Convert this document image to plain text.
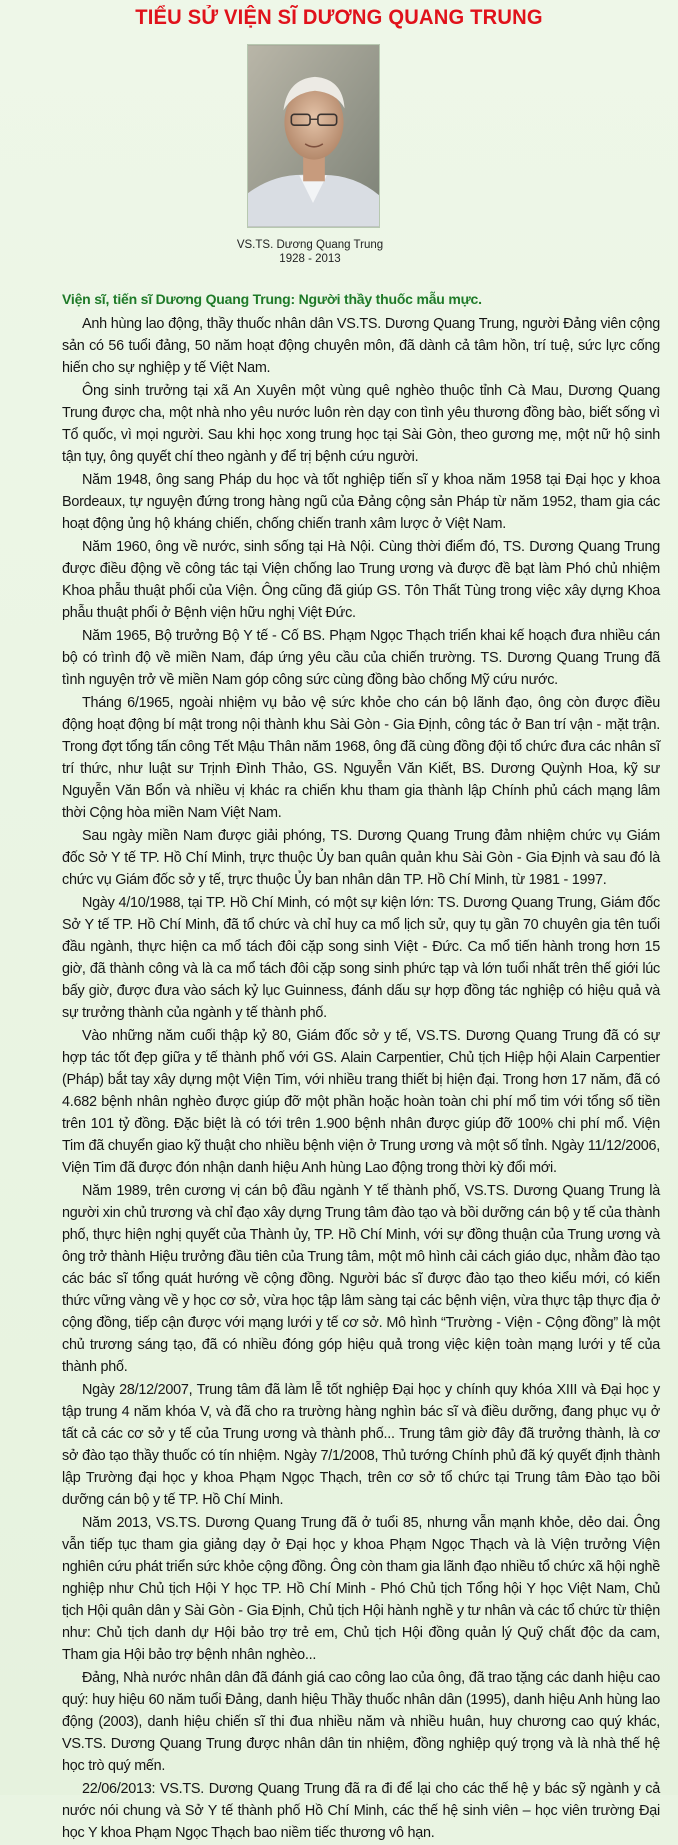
TIỂU SỬ VIỆN SĨ DƯƠNG QUANG TRUNG
VS.TS. Dương Quang Trung
1928 - 2013
Viện sĩ, tiến sĩ Dương Quang Trung: Người thầy thuốc mẫu mực.

Anh hùng lao động, thầy thuốc nhân dân VS.TS. Dương Quang Trung, người Đảng viên cộng sản có 56 tuổi đảng, 50 năm hoạt động chuyên môn, đã dành cả tâm hồn, trí tuệ, sức lực cống hiến cho sự nghiệp y tế Việt Nam.

Ông sinh trưởng tại xã An Xuyên một vùng quê nghèo thuộc tỉnh Cà Mau, Dương Quang Trung được cha, một nhà nho yêu nước luôn rèn dạy con tình yêu thương đồng bào, biết sống vì Tổ quốc, vì mọi người. Sau khi học xong trung học tại Sài Gòn, theo gương mẹ, một nữ hộ sinh tận tụy, ông quyết chí theo ngành y để trị bệnh cứu người.

Năm 1948, ông sang Pháp du học và tốt nghiệp tiến sĩ y khoa năm 1958 tại Đại học y khoa Bordeaux, tự nguyện đứng trong hàng ngũ của Đảng cộng sản Pháp từ năm 1952, tham gia các hoạt động ủng hộ kháng chiến, chống chiến tranh xâm lược ở Việt Nam.

Năm 1960, ông về nước, sinh sống tại Hà Nội. Cùng thời điểm đó, TS. Dương Quang Trung được điều động về công tác tại Viện chống lao Trung ương và được đề bạt làm Phó chủ nhiệm Khoa phẫu thuật phổi của Viện. Ông cũng đã giúp GS. Tôn Thất Tùng trong việc xây dựng Khoa phẫu thuật phổi ở Bệnh viện hữu nghị Việt Đức.

Năm 1965, Bộ trưởng Bộ Y tế - Cố BS. Phạm Ngọc Thạch triển khai kế hoạch đưa nhiều cán bộ có trình độ về miền Nam, đáp ứng yêu cầu của chiến trường. TS. Dương Quang Trung đã tình nguyện trở về miền Nam góp công sức cùng đồng bào chống Mỹ cứu nước.

Tháng 6/1965, ngoài nhiệm vụ bảo vệ sức khỏe cho cán bộ lãnh đạo, ông còn được điều động hoạt động bí mật trong nội thành khu Sài Gòn - Gia Định, công tác ở Ban trí vận - mặt trận. Trong đợt tổng tấn công Tết Mậu Thân năm 1968, ông đã cùng đồng đội tổ chức đưa các nhân sĩ trí thức, như luật sư Trịnh Đình Thảo, GS. Nguyễn Văn Kiết, BS. Dương Quỳnh Hoa, kỹ sư Nguyễn Văn Bổn và nhiều vị khác ra chiến khu tham gia thành lập Chính phủ cách mạng lâm thời Cộng hòa miền Nam Việt Nam.

Sau ngày miền Nam được giải phóng, TS. Dương Quang Trung đảm nhiệm chức vụ Giám đốc Sở Y tế TP. Hồ Chí Minh, trực thuộc Ủy ban quân quản khu Sài Gòn - Gia Định và sau đó là chức vụ Giám đốc sở y tế, trực thuộc Ủy ban nhân dân TP. Hồ Chí Minh, từ 1981 - 1997.

Ngày 4/10/1988, tại TP. Hồ Chí Minh, có một sự kiện lớn: TS. Dương Quang Trung, Giám đốc Sở Y tế TP. Hồ Chí Minh, đã tổ chức và chỉ huy ca mổ lịch sử, quy tụ gần 70 chuyên gia tên tuổi đầu ngành, thực hiện ca mổ tách đôi cặp song sinh Việt - Đức. Ca mổ tiến hành trong hơn 15 giờ, đã thành công và là ca mổ tách đôi cặp song sinh phức tạp và lớn tuổi nhất trên thế giới lúc bấy giờ, được đưa vào sách kỷ lục Guinness, đánh dấu sự hợp đồng tác nghiệp có hiệu quả và sự trưởng thành của ngành y tế thành phố.

Vào những năm cuối thập kỷ 80, Giám đốc sở y tế, VS.TS. Dương Quang Trung đã có sự hợp tác tốt đẹp giữa y tế thành phố với GS. Alain Carpentier, Chủ tịch Hiệp hội Alain Carpentier (Pháp) bắt tay xây dựng một Viện Tim, với nhiều trang thiết bị hiện đại. Trong hơn 17 năm, đã có 4.682 bệnh nhân nghèo được giúp đỡ một phần hoặc hoàn toàn chi phí mổ tim với tổng số tiền trên 101 tỷ đồng. Đặc biệt là có tới trên 1.900 bệnh nhân được giúp đỡ 100% chi phí mổ. Viện Tim đã chuyển giao kỹ thuật cho nhiều bệnh viện ở Trung ương và một số tỉnh. Ngày 11/12/2006, Viện Tim đã được đón nhận danh hiệu Anh hùng Lao động trong thời kỳ đổi mới.

Năm 1989, trên cương vị cán bộ đầu ngành Y tế thành phố, VS.TS. Dương Quang Trung là người xin chủ trương và chỉ đạo xây dựng Trung tâm đào tạo và bồi dưỡng cán bộ y tế của thành phố, thực hiện nghị quyết của Thành ủy, TP. Hồ Chí Minh, với sự đồng thuận của Trung ương và ông trở thành Hiệu trưởng đầu tiên của Trung tâm, một mô hình cải cách giáo dục, nhằm đào tạo các bác sĩ tổng quát hướng về cộng đồng. Người bác sĩ được đào tạo theo kiểu mới, có kiến thức vững vàng về y học cơ sở, vừa học tập lâm sàng tại các bệnh viện, vừa thực tập thực địa ở cộng đồng, tiếp cận được với mạng lưới y tế cơ sở. Mô hình “Trường - Viện - Cộng đồng” là một chủ trương sáng tạo, đã có nhiều đóng góp hiệu quả trong việc kiện toàn mạng lưới y tế của thành phố.

Ngày 28/12/2007, Trung tâm đã làm lễ tốt nghiệp Đại học y chính quy khóa XIII và Đại học y tập trung 4 năm khóa V, và đã cho ra trường hàng nghìn bác sĩ và điều dưỡng, đang phục vụ ở tất cả các cơ sở y tế của Trung ương và thành phố... Trung tâm giờ đây đã trưởng thành, là cơ sở đào tạo thầy thuốc có tín nhiệm. Ngày 7/1/2008, Thủ tướng Chính phủ đã ký quyết định thành lập Trường đại học y khoa Phạm Ngọc Thạch, trên cơ sở tổ chức tại Trung tâm Đào tạo bồi dưỡng cán bộ y tế TP. Hồ Chí Minh.

Năm 2013, VS.TS. Dương Quang Trung đã ở tuổi 85, nhưng vẫn mạnh khỏe, dẻo dai. Ông vẫn tiếp tục tham gia giảng dạy ở Đại học y khoa Phạm Ngọc Thạch và là Viện trưởng Viện nghiên cứu phát triển sức khỏe cộng đồng. Ông còn tham gia lãnh đạo nhiều tổ chức xã hội nghề nghiệp như Chủ tịch Hội Y học TP. Hồ Chí Minh - Phó Chủ tịch Tổng hội Y học Việt Nam, Chủ tịch Hội quân dân y Sài Gòn - Gia Định, Chủ tịch Hội hành nghề y tư nhân và các tổ chức từ thiện như: Chủ tịch danh dự Hội bảo trợ trẻ em, Chủ tịch Hội đồng quản lý Quỹ chất độc da cam, Tham gia Hội bảo trợ bệnh nhân nghèo...

Đảng, Nhà nước nhân dân đã đánh giá cao công lao của ông, đã trao tặng các danh hiệu cao quý: huy hiệu 60 năm tuổi Đảng, danh hiệu Thầy thuốc nhân dân (1995), danh hiệu Anh hùng lao động (2003), danh hiệu chiến sĩ thi đua nhiều năm và nhiều huân, huy chương cao quý khác, VS.TS. Dương Quang Trung được nhân dân tin nhiệm, đồng nghiệp quý trọng và là nhà thế hệ học trò quý mến.

22/06/2013: VS.TS. Dương Quang Trung đã ra đi để lại cho các thế hệ y bác sỹ ngành y cả nước nói chung và Sở Y tế thành phố Hồ Chí Minh, các thế hệ sinh viên – học viên trường Đại học Y khoa Phạm Ngọc Thạch bao niềm tiếc thương vô hạn.
